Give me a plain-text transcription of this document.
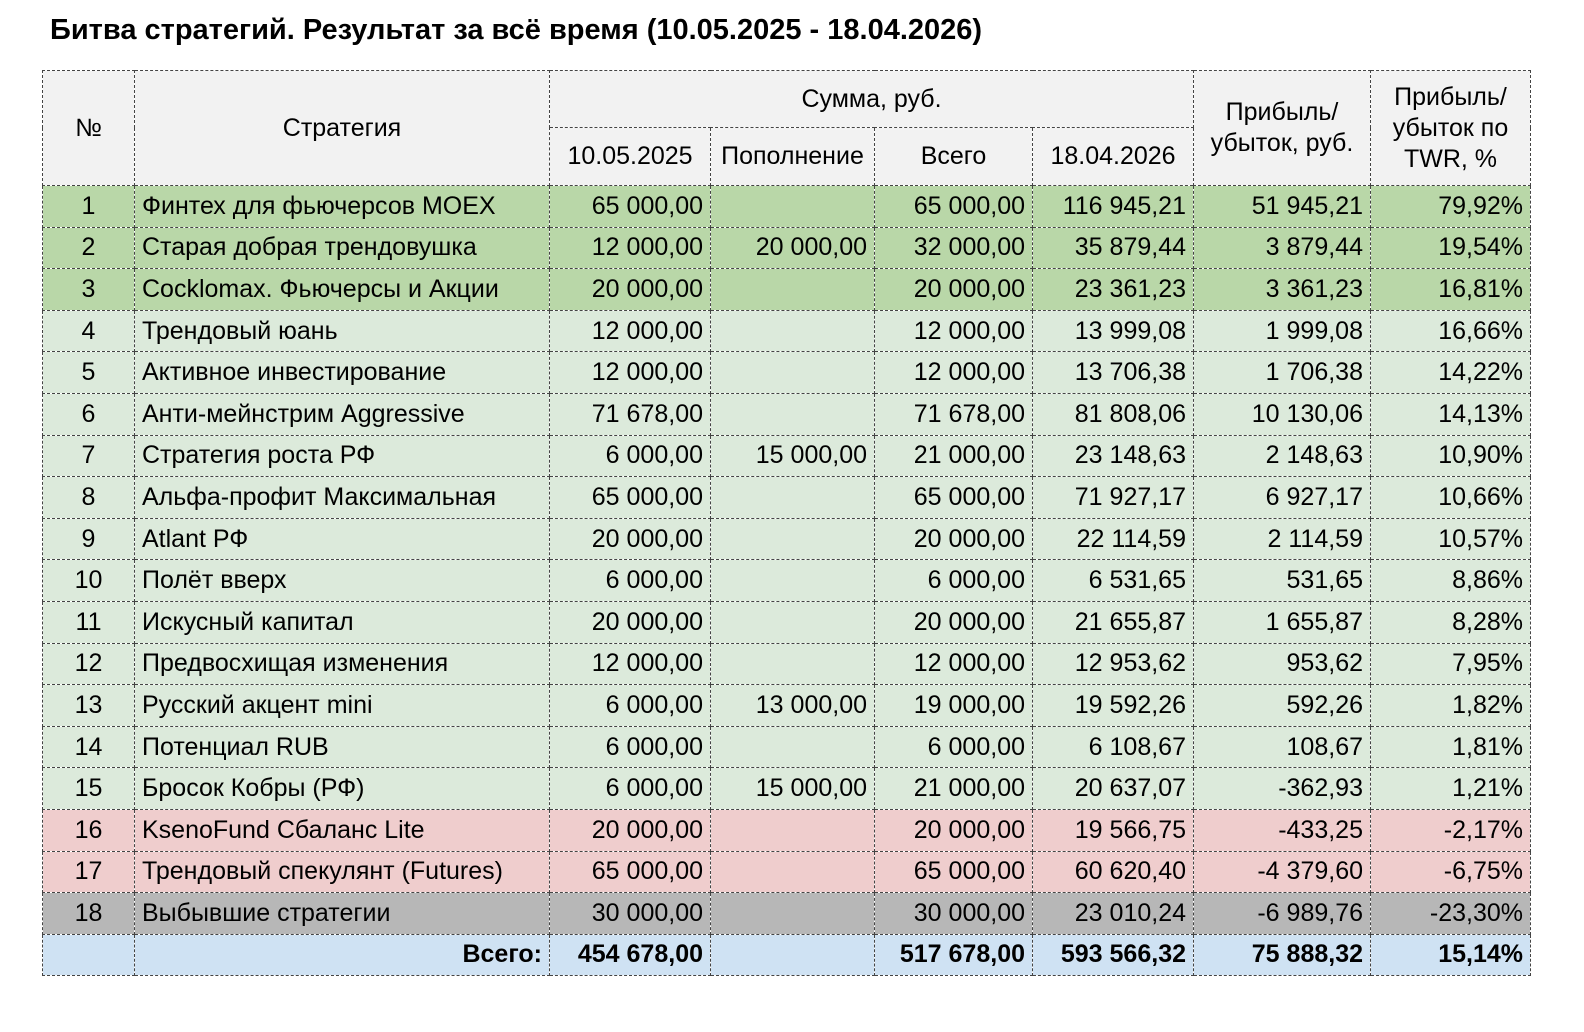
Битва стратегий. Результат за всё время (10.05.2025 - 18.04.2026)
№	Стратегия	Сумма, руб.				Прибыль/ убыток, руб.	Прибыль/ убыток по TWR, %
		10.05.2025	Пополнение	Всего	18.04.2026		
1	Финтех для фьючерсов MOEX	65 000,00		65 000,00	116 945,21	51 945,21	79,92%
2	Старая добрая трендовушка	12 000,00	20 000,00	32 000,00	35 879,44	3 879,44	19,54%
3	Cocklomax. Фьючерсы и Акции	20 000,00		20 000,00	23 361,23	3 361,23	16,81%
4	Трендовый юань	12 000,00		12 000,00	13 999,08	1 999,08	16,66%
5	Активное инвестирование	12 000,00		12 000,00	13 706,38	1 706,38	14,22%
6	Анти-мейнстрим Aggressive	71 678,00		71 678,00	81 808,06	10 130,06	14,13%
7	Стратегия роста РФ	6 000,00	15 000,00	21 000,00	23 148,63	2 148,63	10,90%
8	Альфа-профит Максимальная	65 000,00		65 000,00	71 927,17	6 927,17	10,66%
9	Atlant РФ	20 000,00		20 000,00	22 114,59	2 114,59	10,57%
10	Полёт вверх	6 000,00		6 000,00	6 531,65	531,65	8,86%
11	Искусный капитал	20 000,00		20 000,00	21 655,87	1 655,87	8,28%
12	Предвосхищая изменения	12 000,00		12 000,00	12 953,62	953,62	7,95%
13	Русский акцент mini	6 000,00	13 000,00	19 000,00	19 592,26	592,26	1,82%
14	Потенциал RUB	6 000,00		6 000,00	6 108,67	108,67	1,81%
15	Бросок Кобры (РФ)	6 000,00	15 000,00	21 000,00	20 637,07	-362,93	1,21%
16	KsenoFund Сбаланс Lite	20 000,00		20 000,00	19 566,75	-433,25	-2,17%
17	Трендовый спекулянт (Futures)	65 000,00		65 000,00	60 620,40	-4 379,60	-6,75%
18	Выбывшие стратегии	30 000,00		30 000,00	23 010,24	-6 989,76	-23,30%
	Всего:	454 678,00		517 678,00	593 566,32	75 888,32	15,14%
